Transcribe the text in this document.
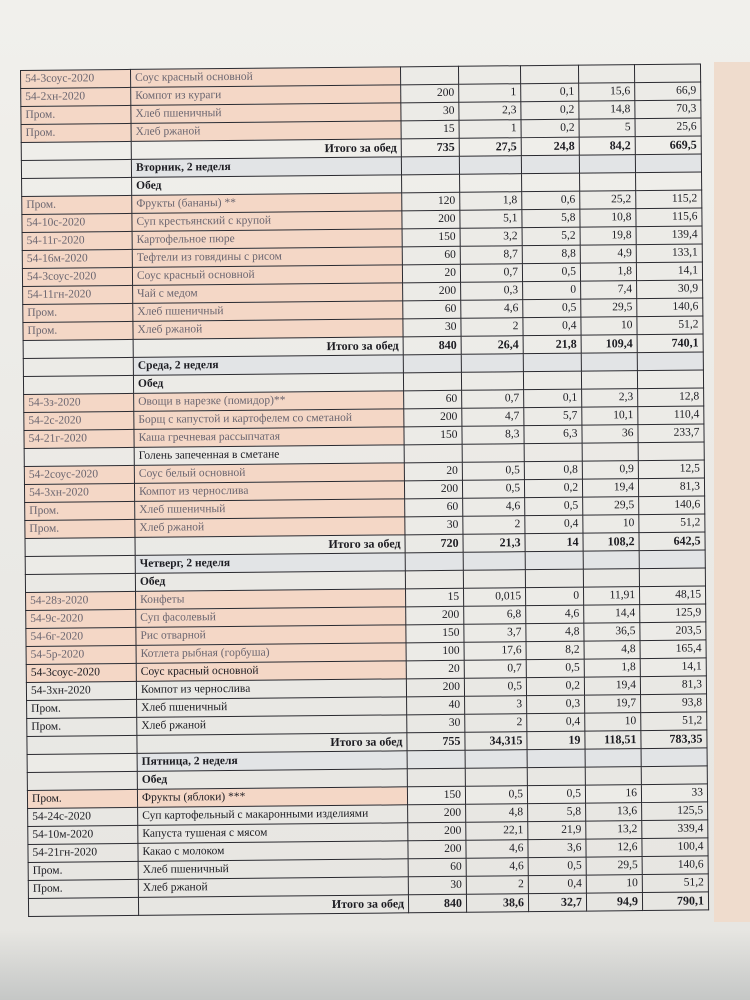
54-3соус-2020	Соус красный основной					
54-2хн-2020	Компот из кураги	200	1	0,1	15,6	66,9
Пром.	Хлеб пшеничный	30	2,3	0,2	14,8	70,3
Пром.	Хлеб ржаной	15	1	0,2	5	25,6
	Итого за обед	735	27,5	24,8	84,2	669,5
	Вторник, 2 неделя					
	Обед					
Пром.	Фрукты (бананы) **	120	1,8	0,6	25,2	115,2
54-10с-2020	Суп крестьянский с крупой	200	5,1	5,8	10,8	115,6
54-11г-2020	Картофельное пюре	150	3,2	5,2	19,8	139,4
54-16м-2020	Тефтели из говядины с рисом	60	8,7	8,8	4,9	133,1
54-3соус-2020	Соус красный основной	20	0,7	0,5	1,8	14,1
54-11гн-2020	Чай с медом	200	0,3	0	7,4	30,9
Пром.	Хлеб пшеничный	60	4,6	0,5	29,5	140,6
Пром.	Хлеб ржаной	30	2	0,4	10	51,2
	Итого за обед	840	26,4	21,8	109,4	740,1
	Среда, 2 неделя					
	Обед					
54-3з-2020	Овощи в нарезке (помидор)**	60	0,7	0,1	2,3	12,8
54-2с-2020	Борщ с капустой и картофелем со сметаной	200	4,7	5,7	10,1	110,4
54-21г-2020	Каша гречневая рассыпчатая	150	8,3	6,3	36	233,7
	Голень запеченная в сметане					
54-2соус-2020	Соус белый основной	20	0,5	0,8	0,9	12,5
54-3хн-2020	Компот из чернослива	200	0,5	0,2	19,4	81,3
Пром.	Хлеб пшеничный	60	4,6	0,5	29,5	140,6
Пром.	Хлеб ржаной	30	2	0,4	10	51,2
	Итого за обед	720	21,3	14	108,2	642,5
	Четверг, 2 неделя					
	Обед					
54-28з-2020	Конфеты	15	0,015	0	11,91	48,15
54-9с-2020	Суп фасолевый	200	6,8	4,6	14,4	125,9
54-6г-2020	Рис отварной	150	3,7	4,8	36,5	203,5
54-5р-2020	Котлета рыбная (горбуша)	100	17,6	8,2	4,8	165,4
54-3соус-2020	Соус красный основной	20	0,7	0,5	1,8	14,1
54-3хн-2020	Компот из чернослива	200	0,5	0,2	19,4	81,3
Пром.	Хлеб пшеничный	40	3	0,3	19,7	93,8
Пром.	Хлеб ржаной	30	2	0,4	10	51,2
	Итого за обед	755	34,315	19	118,51	783,35
	Пятница, 2 неделя					
	Обед					
Пром.	Фрукты (яблоки) ***	150	0,5	0,5	16	33
54-24с-2020	Суп картофельный с макаронными изделиями	200	4,8	5,8	13,6	125,5
54-10м-2020	Капуста тушеная с мясом	200	22,1	21,9	13,2	339,4
54-21гн-2020	Какао с молоком	200	4,6	3,6	12,6	100,4
Пром.	Хлеб пшеничный	60	4,6	0,5	29,5	140,6
Пром.	Хлеб ржаной	30	2	0,4	10	51,2
	Итого за обед	840	38,6	32,7	94,9	790,1
